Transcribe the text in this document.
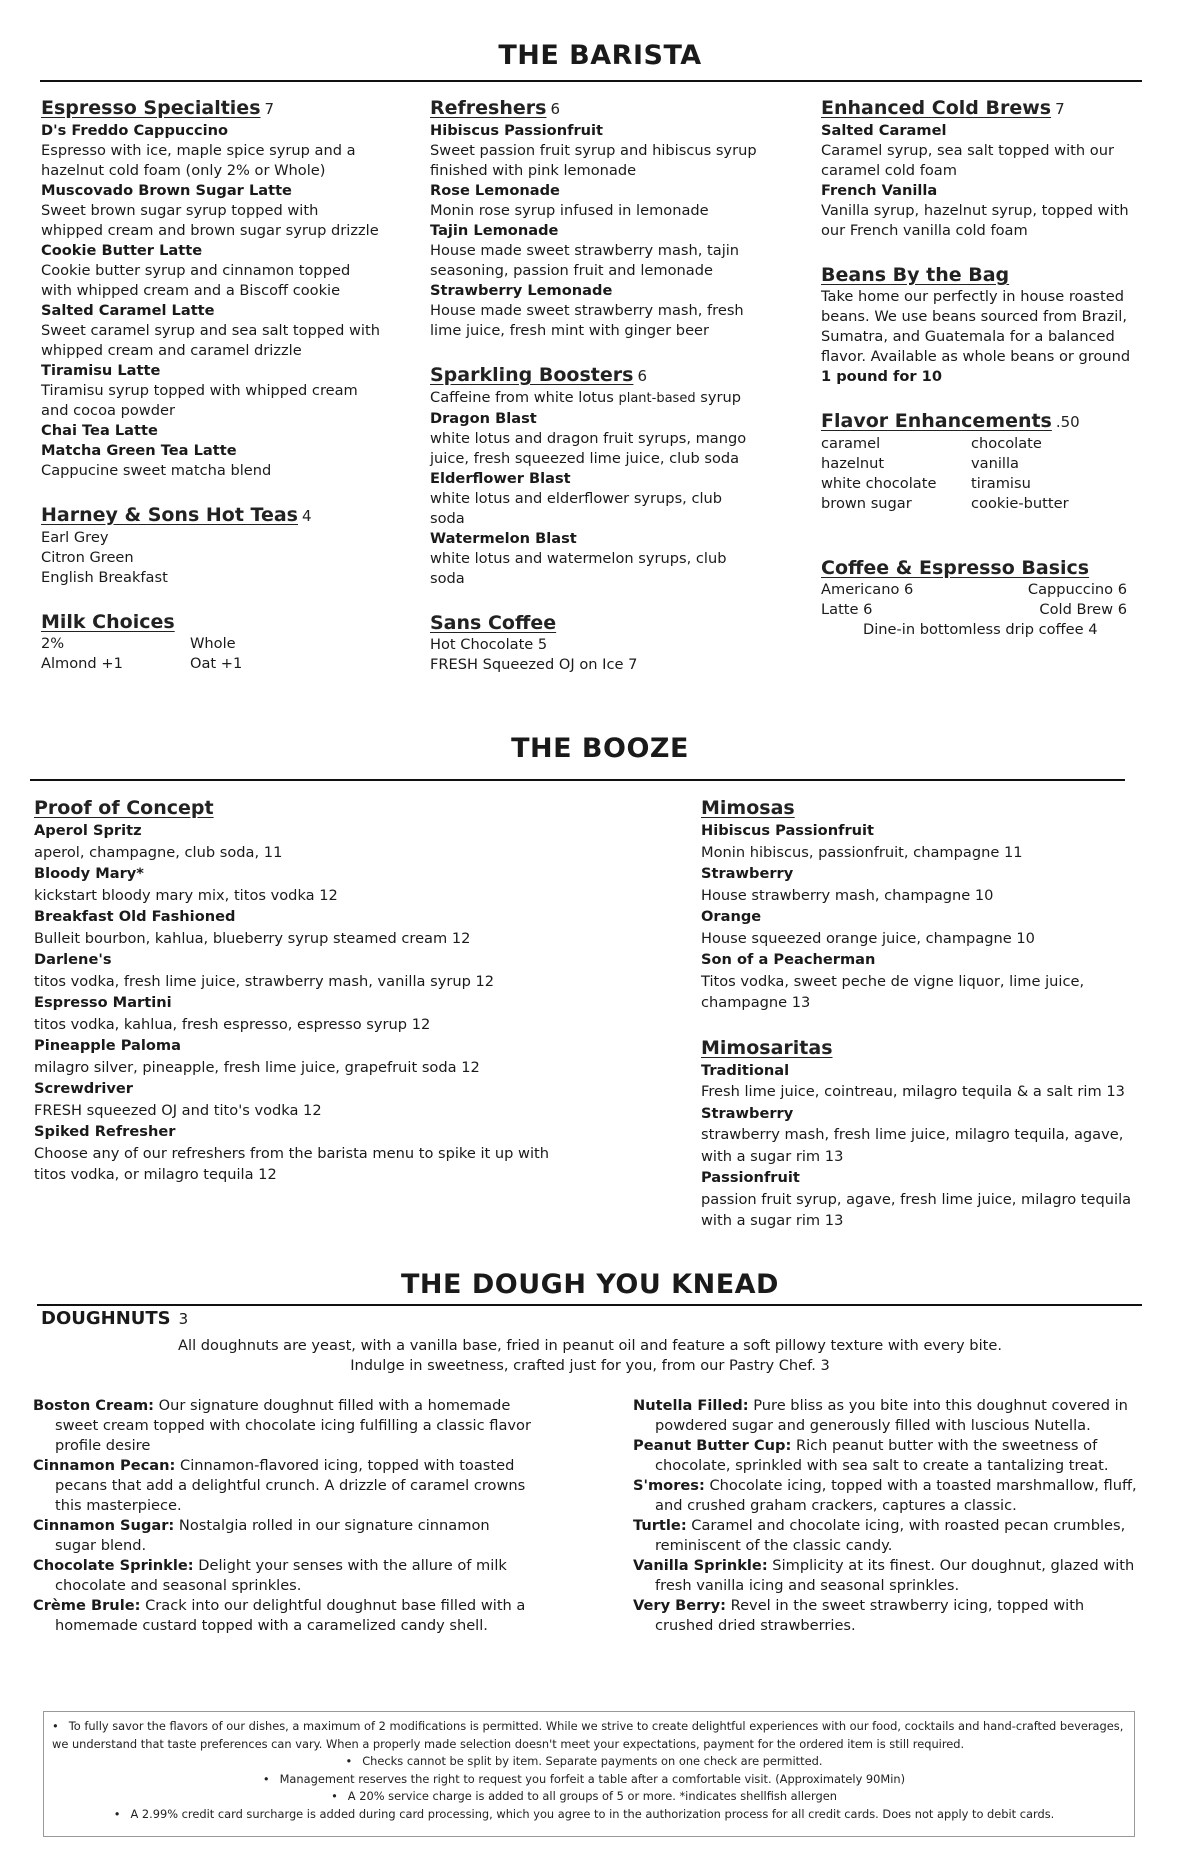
THE BARISTA
Espresso Specialties 7
D's Freddo Cappuccino
Espresso with ice, maple spice syrup and a hazelnut cold foam (only 2% or Whole)
Muscovado Brown Sugar Latte
Sweet brown sugar syrup topped with whipped cream and brown sugar syrup drizzle
Cookie Butter Latte
Cookie butter syrup and cinnamon topped with whipped cream and a Biscoff cookie
Salted Caramel Latte
Sweet caramel syrup and sea salt topped with whipped cream and caramel drizzle
Tiramisu Latte
Tiramisu syrup topped with whipped cream and cocoa powder
Chai Tea Latte
Matcha Green Tea Latte
Cappucine sweet matcha blend
Harney & Sons Hot Teas 4
Earl Grey
Citron Green
English Breakfast
Milk Choices
2%	Whole
Almond +1	Oat +1
Refreshers 6
Hibiscus Passionfruit
Sweet passion fruit syrup and hibiscus syrup finished with pink lemonade
Rose Lemonade
Monin rose syrup infused in lemonade
Tajin Lemonade
House made sweet strawberry mash, tajin seasoning, passion fruit and lemonade
Strawberry Lemonade
House made sweet strawberry mash, fresh lime juice, fresh mint with ginger beer
Sparkling Boosters 6
Caffeine from white lotus plant-based syrup
Dragon Blast
white lotus and dragon fruit syrups, mango juice, fresh squeezed lime juice, club soda
Elderflower Blast
white lotus and elderflower syrups, club soda
Watermelon Blast
white lotus and watermelon syrups, club soda
Sans Coffee
Hot Chocolate 5
FRESH Squeezed OJ on Ice 7
Enhanced Cold Brews 7
Salted Caramel
Caramel syrup, sea salt topped with our caramel cold foam
French Vanilla
Vanilla syrup, hazelnut syrup, topped with our French vanilla cold foam
Beans By the Bag
Take home our perfectly in house roasted beans. We use beans sourced from Brazil, Sumatra, and Guatemala for a balanced flavor. Available as whole beans or ground
1 pound for 10
Flavor Enhancements .50
caramel	chocolate
hazelnut	vanilla
white chocolate	tiramisu
brown sugar	cookie-butter
Coffee & Espresso Basics
Americano 6	Cappuccino 6
Latte 6	Cold Brew 6
Dine-in bottomless drip coffee 4
THE BOOZE
Proof of Concept
Aperol Spritz
aperol, champagne, club soda, 11
Bloody Mary*
kickstart bloody mary mix, titos vodka 12
Breakfast Old Fashioned
Bulleit bourbon, kahlua, blueberry syrup steamed cream 12
Darlene's
titos vodka, fresh lime juice, strawberry mash, vanilla syrup 12
Espresso Martini
titos vodka, kahlua, fresh espresso, espresso syrup 12
Pineapple Paloma
milagro silver, pineapple, fresh lime juice, grapefruit soda 12
Screwdriver
FRESH squeezed OJ and tito's vodka 12
Spiked Refresher
Choose any of our refreshers from the barista menu to spike it up with titos vodka, or milagro tequila 12
Mimosas
Hibiscus Passionfruit
Monin hibiscus, passionfruit, champagne 11
Strawberry
House strawberry mash, champagne 10
Orange
House squeezed orange juice, champagne 10
Son of a Peacherman
Titos vodka, sweet peche de vigne liquor, lime juice, champagne 13
Mimosaritas
Traditional
Fresh lime juice, cointreau, milagro tequila & a salt rim 13
Strawberry
strawberry mash, fresh lime juice, milagro tequila, agave, with a sugar rim 13
Passionfruit
passion fruit syrup, agave, fresh lime juice, milagro tequila with a sugar rim 13
THE DOUGH YOU KNEAD
DOUGHNUTS 3
All doughnuts are yeast, with a vanilla base, fried in peanut oil and feature a soft pillowy texture with every bite.
Indulge in sweetness, crafted just for you, from our Pastry Chef. 3
Boston Cream: Our signature doughnut filled with a homemade sweet cream topped with chocolate icing fulfilling a classic flavor profile desire
Cinnamon Pecan: Cinnamon-flavored icing, topped with toasted pecans that add a delightful crunch. A drizzle of caramel crowns this masterpiece.
Cinnamon Sugar: Nostalgia rolled in our signature cinnamon sugar blend.
Chocolate Sprinkle: Delight your senses with the allure of milk chocolate and seasonal sprinkles.
Crème Brule: Crack into our delightful doughnut base filled with a homemade custard topped with a caramelized candy shell.
Nutella Filled: Pure bliss as you bite into this doughnut covered in powdered sugar and generously filled with luscious Nutella.
Peanut Butter Cup: Rich peanut butter with the sweetness of chocolate, sprinkled with sea salt to create a tantalizing treat.
S'mores: Chocolate icing, topped with a toasted marshmallow, fluff, and crushed graham crackers, captures a classic.
Turtle: Caramel and chocolate icing, with roasted pecan crumbles, reminiscent of the classic candy.
Vanilla Sprinkle: Simplicity at its finest. Our doughnut, glazed with fresh vanilla icing and seasonal sprinkles.
Very Berry: Revel in the sweet strawberry icing, topped with crushed dried strawberries.
• To fully savor the flavors of our dishes, a maximum of 2 modifications is permitted. While we strive to create delightful experiences with our food, cocktails and hand-crafted beverages, we understand that taste preferences can vary. When a properly made selection doesn't meet your expectations, payment for the ordered item is still required.
• Checks cannot be split by item. Separate payments on one check are permitted.
• Management reserves the right to request you forfeit a table after a comfortable visit. (Approximately 90Min)
• A 20% service charge is added to all groups of 5 or more. *indicates shellfish allergen
• A 2.99% credit card surcharge is added during card processing, which you agree to in the authorization process for all credit cards. Does not apply to debit cards.
